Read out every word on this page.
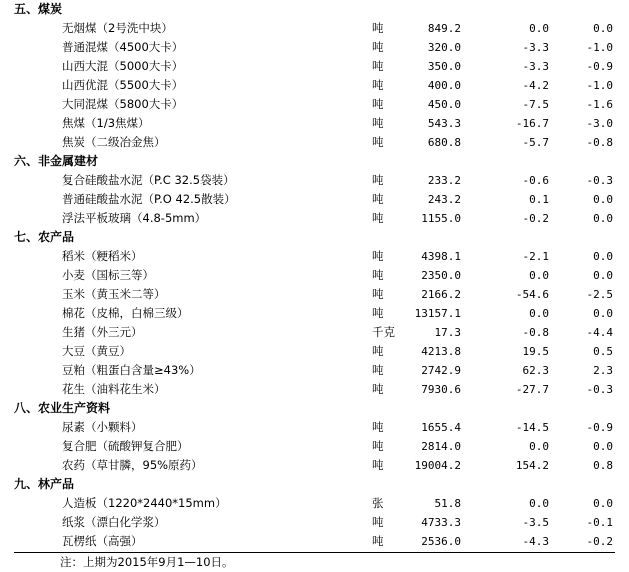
五、煤炭
无烟煤（2号洗中块）	吨	849.2	0.0	0.0
普通混煤（4500大卡）	吨	320.0	-3.3	-1.0
山西大混（5000大卡）	吨	350.0	-3.3	-0.9
山西优混（5500大卡）	吨	400.0	-4.2	-1.0
大同混煤（5800大卡）	吨	450.0	-7.5	-1.6
焦煤（1/3焦煤）	吨	543.3	-16.7	-3.0
焦炭（二级冶金焦）	吨	680.8	-5.7	-0.8
六、非金属建材
复合硅酸盐水泥（P.C 32.5袋装）	吨	233.2	-0.6	-0.3
普通硅酸盐水泥（P.O 42.5散装）	吨	243.2	0.1	0.0
浮法平板玻璃（4.8-5mm）	吨	1155.0	-0.2	0.0
七、农产品
稻米（粳稻米）	吨	4398.1	-2.1	0.0
小麦（国标三等）	吨	2350.0	0.0	0.0
玉米（黄玉米二等）	吨	2166.2	-54.6	-2.5
棉花（皮棉，白棉三级）	吨	13157.1	0.0	0.0
生猪（外三元）	千克	17.3	-0.8	-4.4
大豆（黄豆）	吨	4213.8	19.5	0.5
豆粕（粗蛋白含量≥43%）	吨	2742.9	62.3	2.3
花生（油料花生米）	吨	7930.6	-27.7	-0.3
八、农业生产资料
尿素（小颗料）	吨	1655.4	-14.5	-0.9
复合肥（硫酸钾复合肥）	吨	2814.0	0.0	0.0
农药（草甘膦，95%原药）	吨	19004.2	154.2	0.8
九、林产品
人造板（1220*2440*15mm）	张	51.8	0.0	0.0
纸浆（漂白化学浆）	吨	4733.3	-3.5	-0.1
瓦楞纸（高强）	吨	2536.0	-4.3	-0.2
注：上期为2015年9月1—10日。
